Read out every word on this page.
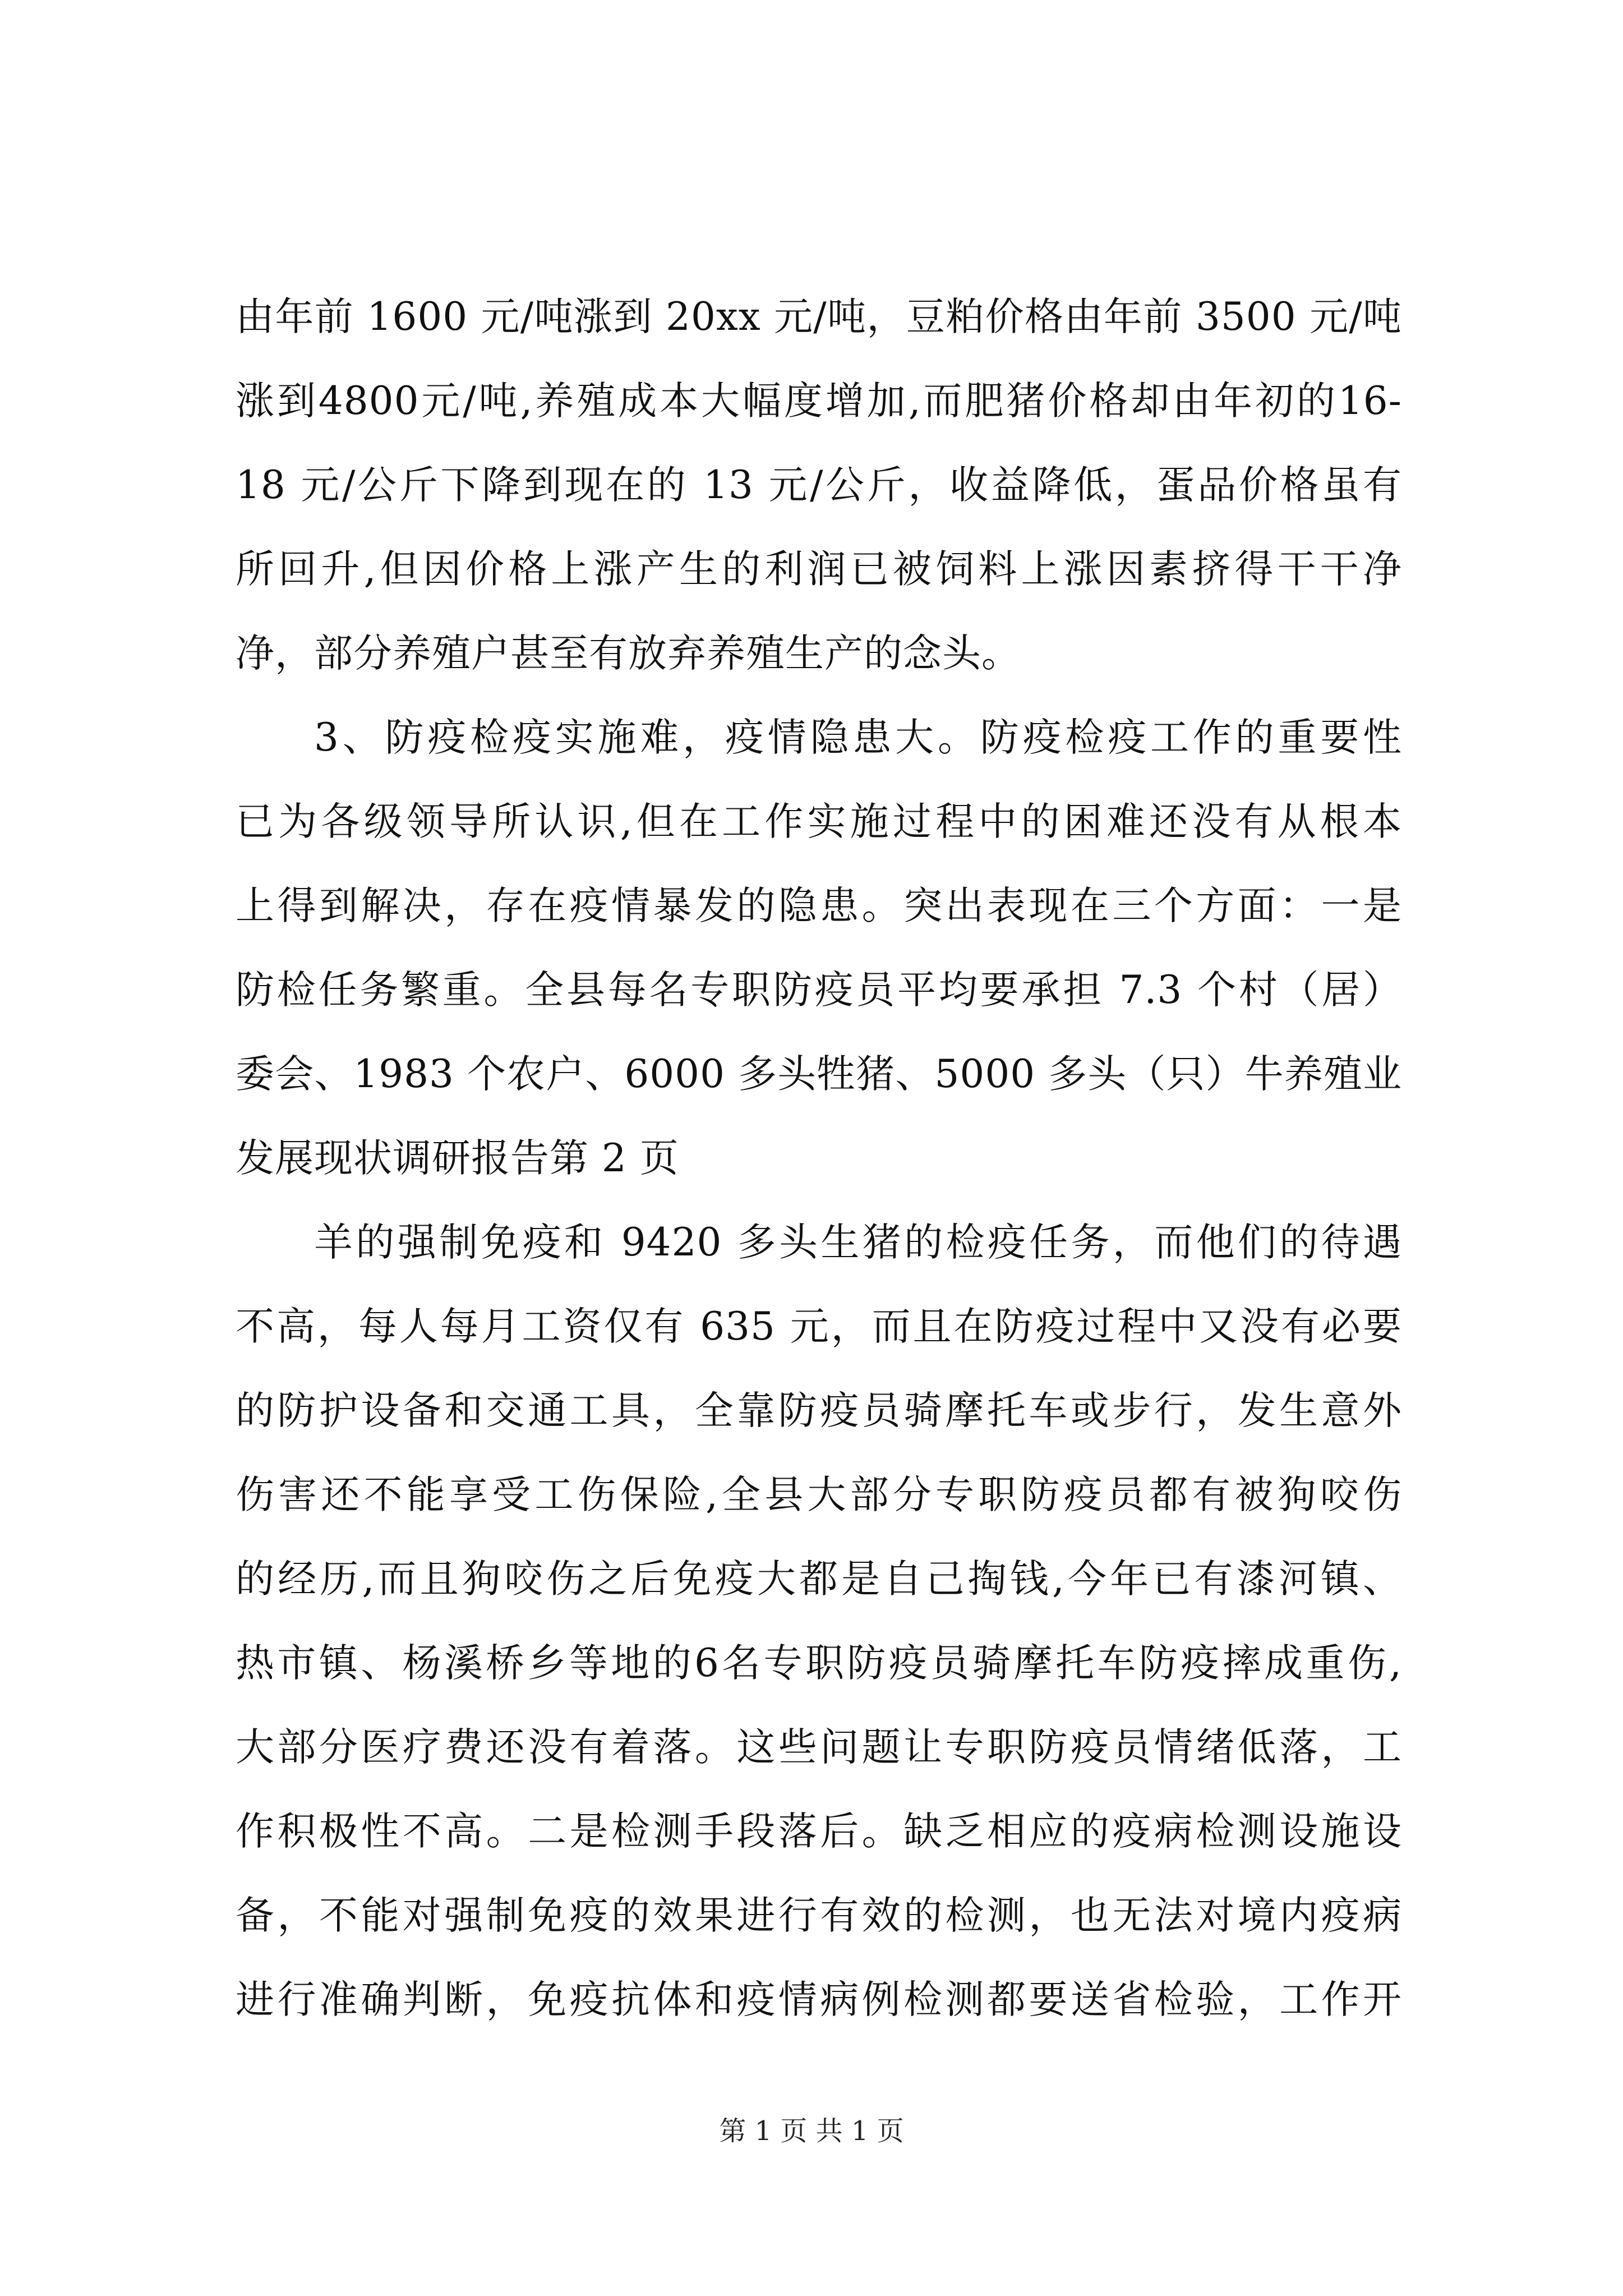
由年前 1600 元/吨涨到 20xx 元/吨，豆粕价格由年前 3500 元/吨
涨到4800元/吨,养殖成本大幅度增加,而肥猪价格却由年初的16-
18 元/公斤下降到现在的 13 元/公斤，收益降低，蛋品价格虽有
所回升,但因价格上涨产生的利润已被饲料上涨因素挤得干干净
净，部分养殖户甚至有放弃养殖生产的念头。
3、防疫检疫实施难，疫情隐患大。防疫检疫工作的重要性
已为各级领导所认识,但在工作实施过程中的困难还没有从根本
上得到解决，存在疫情暴发的隐患。突出表现在三个方面：一是
防检任务繁重。全县每名专职防疫员平均要承担 7.3 个村（居）
委会、1983 个农户、6000 多头牲猪、5000 多头（只）牛养殖业
发展现状调研报告第 2 页
羊的强制免疫和 9420 多头生猪的检疫任务，而他们的待遇
不高，每人每月工资仅有 635 元，而且在防疫过程中又没有必要
的防护设备和交通工具，全靠防疫员骑摩托车或步行，发生意外
伤害还不能享受工伤保险,全县大部分专职防疫员都有被狗咬伤
的经历,而且狗咬伤之后免疫大都是自己掏钱,今年已有漆河镇、
热市镇、杨溪桥乡等地的6名专职防疫员骑摩托车防疫摔成重伤,
大部分医疗费还没有着落。这些问题让专职防疫员情绪低落，工
作积极性不高。二是检测手段落后。缺乏相应的疫病检测设施设
备，不能对强制免疫的效果进行有效的检测，也无法对境内疫病
进行准确判断，免疫抗体和疫情病例检测都要送省检验，工作开
第 1 页 共 1 页
